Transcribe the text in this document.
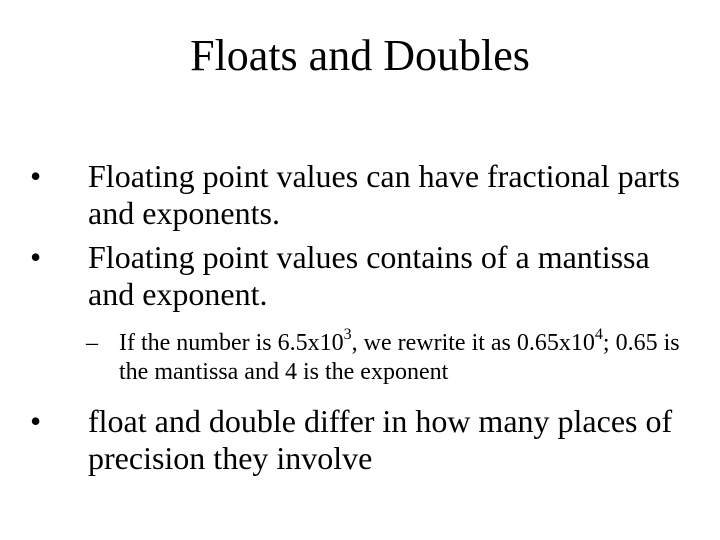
Floats and Doubles

•	Floating point values can have fractional parts and exponents.

•	Floating point values contains of a mantissa and exponent.

– If the number is $6.5x10^3$, we rewrite it as $0.65x10^4$; 0.65 is the mantissa and 4 is the exponent

•	float and double differ in how many places of precision they involve
